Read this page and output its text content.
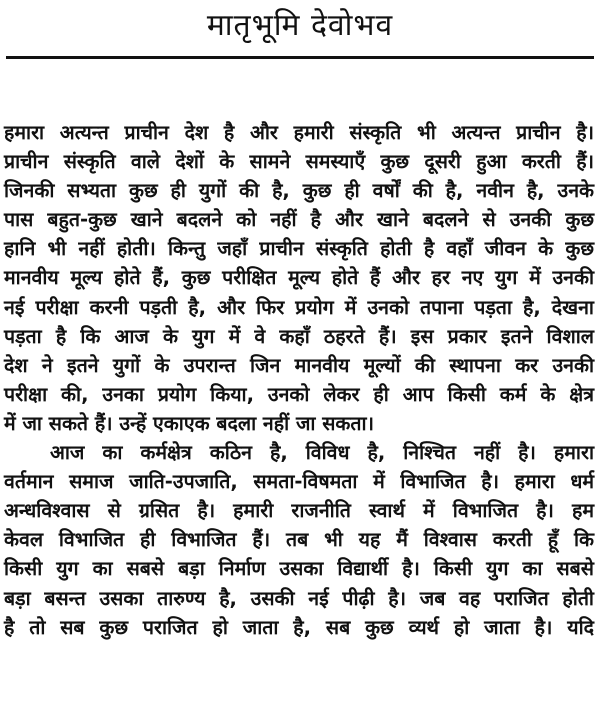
मातृभूमि देवोभव
हमारा अत्यन्त प्राचीन देश है और हमारी संस्कृति भी अत्यन्त प्राचीन है।
प्राचीन संस्कृति वाले देशों के सामने समस्याएँ कुछ दूसरी हुआ करती हैं।
जिनकी सभ्यता कुछ ही युगों की है, कुछ ही वर्षों की है, नवीन है, उनके
पास बहुत-कुछ खाने बदलने को नहीं है और खाने बदलने से उनकी कुछ
हानि भी नहीं होती। किन्तु जहाँ प्राचीन संस्कृति होती है वहाँ जीवन के कुछ
मानवीय मूल्य होते हैं, कुछ परीक्षित मूल्य होते हैं और हर नए युग में उनकी
नई परीक्षा करनी पड़ती है, और फिर प्रयोग में उनको तपाना पड़ता है, देखना
पड़ता है कि आज के युग में वे कहाँ ठहरते हैं। इस प्रकार इतने विशाल
देश ने इतने युगों के उपरान्त जिन मानवीय मूल्यों की स्थापना कर उनकी
परीक्षा की, उनका प्रयोग किया, उनको लेकर ही आप किसी कर्म के क्षेत्र
में जा सकते हैं। उन्हें एकाएक बदला नहीं जा सकता।
आज का कर्मक्षेत्र कठिन है, विविध है, निश्चित नहीं है। हमारा
वर्तमान समाज जाति-उपजाति, समता-विषमता में विभाजित है। हमारा धर्म
अन्धविश्वास से ग्रसित है। हमारी राजनीति स्वार्थ में विभाजित है। हम
केवल विभाजित ही विभाजित हैं। तब भी यह मैं विश्वास करती हूँ कि
किसी युग का सबसे बड़ा निर्माण उसका विद्यार्थी है। किसी युग का सबसे
बड़ा बसन्त उसका तारुण्य है, उसकी नई पीढ़ी है। जब वह पराजित होती
है तो सब कुछ पराजित हो जाता है, सब कुछ व्यर्थ हो जाता है। यदि
